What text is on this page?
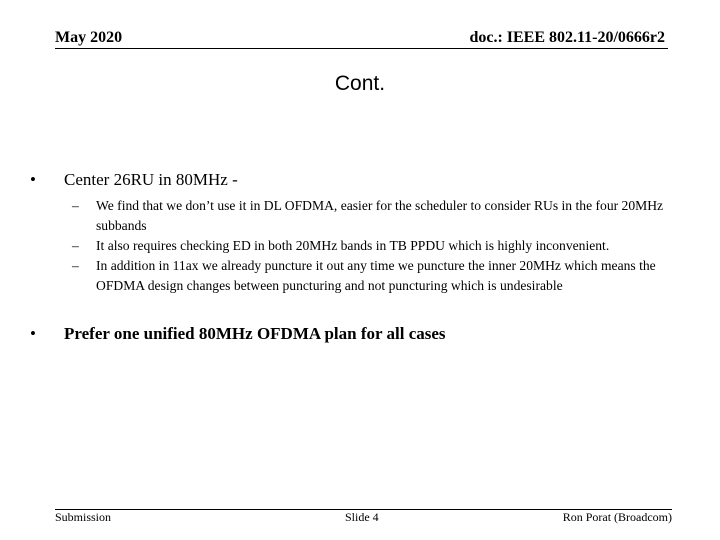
May 2020	doc.: IEEE 802.11-20/0666r2
Cont.
• Center 26RU in 80MHz -
– We find that we don’t use it in DL OFDMA, easier for the scheduler to consider RUs in the four 20MHz subbands
– It also requires checking ED in both 20MHz bands in TB PPDU which is highly inconvenient.
– In addition in 11ax we already puncture it out any time we puncture the inner 20MHz which means the OFDMA design changes between puncturing and not puncturing which is undesirable
• Prefer one unified 80MHz OFDMA plan for all cases
Submission	Slide 4	Ron Porat (Broadcom)
